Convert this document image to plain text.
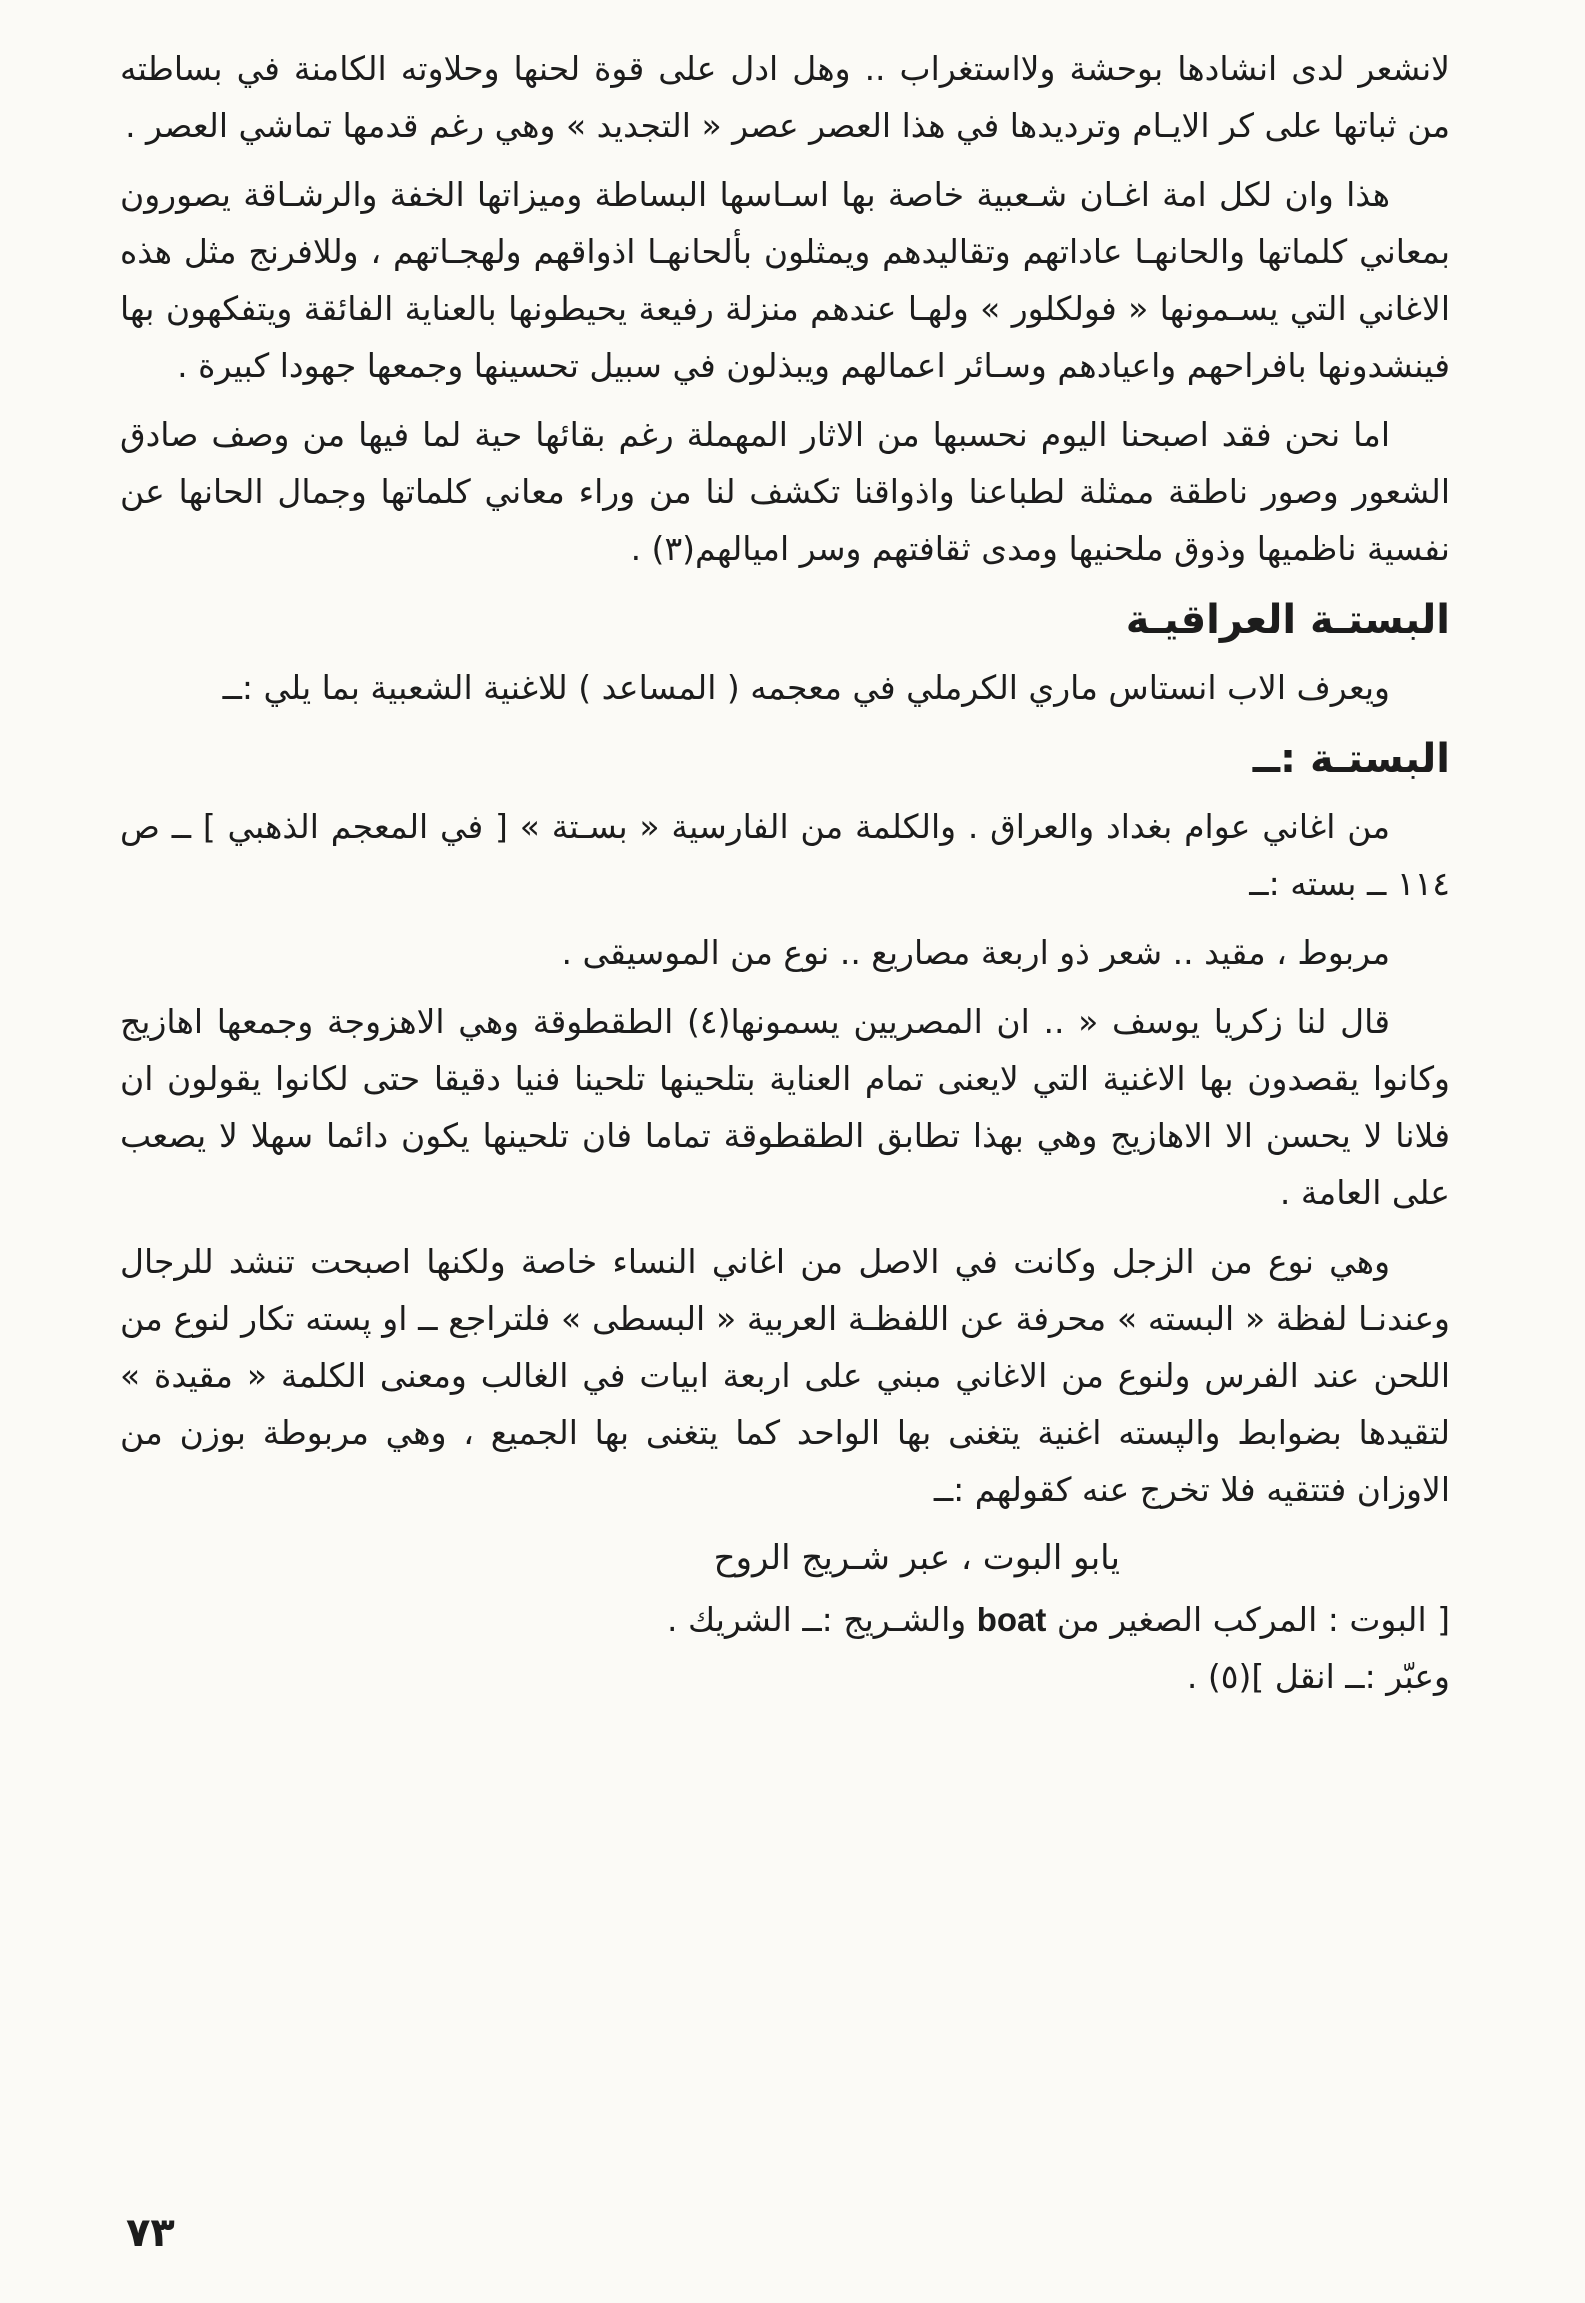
لانشعر لدى انشادها بوحشة ولااستغراب .. وهل ادل على قوة لحنها وحلاوته الكامنة في بساطته من ثباتها على كر الايـام وترديدها في هذا العصر عصر « التجديد » وهي رغم قدمها تماشي العصر .

هذا وان لكل امة اغـان شـعبية خاصة بها اسـاسها البساطة وميزاتها الخفة والرشـاقة يصورون بمعاني كلماتها والحانهـا عاداتهم وتقاليدهم ويمثلون بألحانهـا اذواقهم ولهجـاتهم ، وللافرنج مثل هذه الاغاني التي يسـمونها « فولكلور » ولهـا عندهم منزلة رفيعة يحيطونها بالعناية الفائقة ويتفكهون بها فينشدونها بافراحهم واعيادهم وسـائر اعمالهم ويبذلون في سبيل تحسينها وجمعها جهودا كبيرة .

اما نحن فقد اصبحنا اليوم نحسبها من الاثار المهملة رغم بقائها حية لما فيها من وصف صادق الشعور وصور ناطقة ممثلة لطباعنا واذواقنا تكشف لنا من وراء معاني كلماتها وجمال الحانها عن نفسية ناظميها وذوق ملحنيها ومدى ثقافتهم وسر اميالهم(٣) .

البستـة العراقيـة

ويعرف الاب انستاس ماري الكرملي في معجمه ( المساعد ) للاغنية الشعبية بما يلي :ــ

البستـة :ــ

من اغاني عوام بغداد والعراق . والكلمة من الفارسية « بسـتة » [ في المعجم الذهبي ] ــ ص ١١٤ ــ بسته :ــ

مربوط ، مقيد .. شعر ذو اربعة مصاريع .. نوع من الموسيقى .

قال لنا زكريا يوسف « .. ان المصريين يسمونها(٤) الطقطوقة وهي الاهزوجة وجمعها اهازيج وكانوا يقصدون بها الاغنية التي لايعنى تمام العناية بتلحينها تلحينا فنيا دقيقا حتى لكانوا يقولون ان فلانا لا يحسن الا الاهازيج وهي بهذا تطابق الطقطوقة تماما فان تلحينها يكون دائما سهلا لا يصعب على العامة .

وهي نوع من الزجل وكانت في الاصل من اغاني النساء خاصة ولكنها اصبحت تنشد للرجال وعندنـا لفظة « البسته » محرفة عن اللفظـة العربية « البسطى » فلتراجع ــ او پسته تكار لنوع من اللحن عند الفرس ولنوع من الاغاني مبني على اربعة ابيات في الغالب ومعنى الكلمة « مقيدة » لتقيدها بضوابط والپسته اغنية يتغنى بها الواحد كما يتغنى بها الجميع ، وهي مربوطة بوزن من الاوزان فتتقيه فلا تخرج عنه كقولهم :ــ

يابو البوت ، عبر شـريج الروح

[ البوت : المركب الصغير من boat والشـريج :ــ الشريك .

وعبّر :ــ انقل ](٥) .

٧٣
